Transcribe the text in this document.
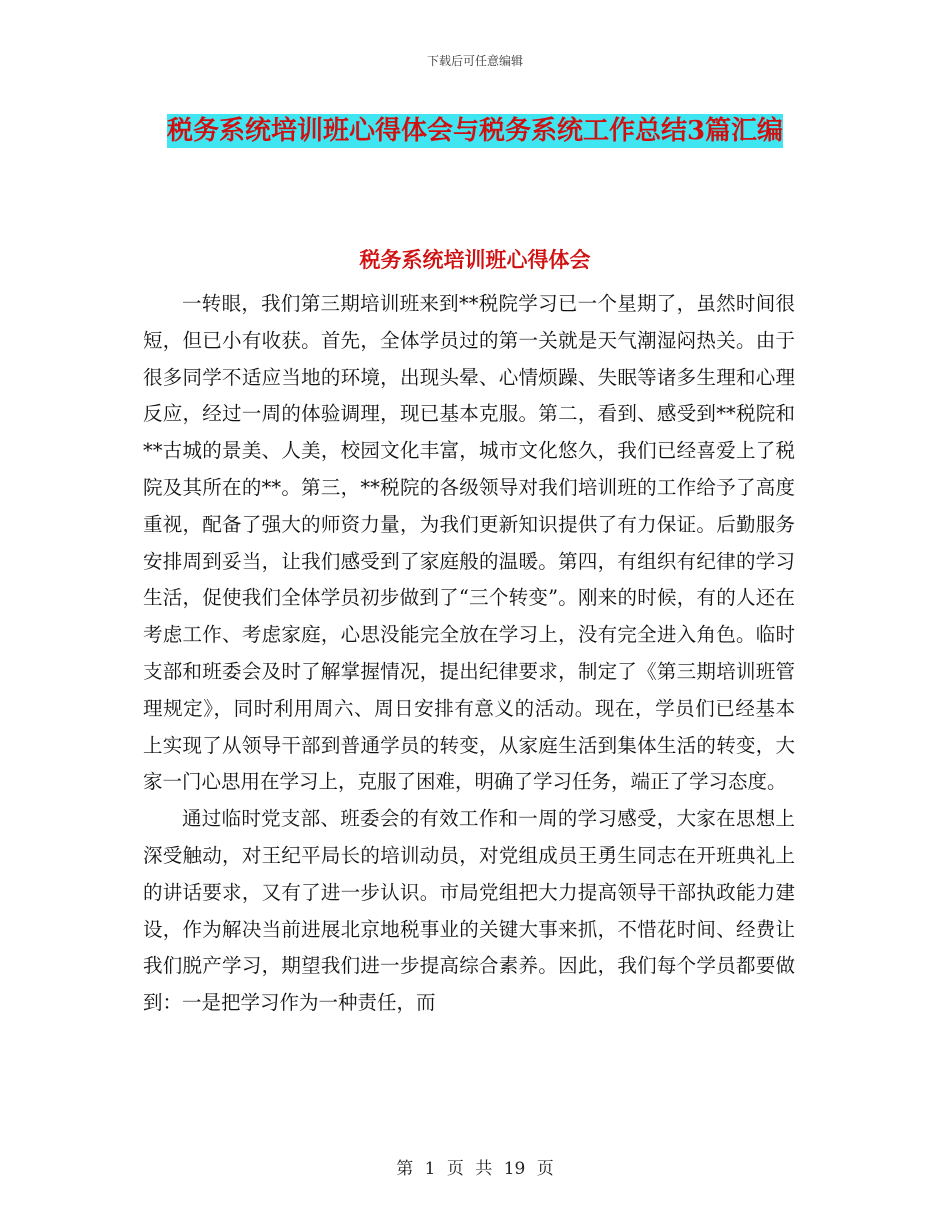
下载后可任意编辑
税务系统培训班心得体会与税务系统工作总结3篇汇编
税务系统培训班心得体会

一转眼，我们第三期培训班来到**税院学习已一个星期了，虽然时间很短，但已小有收获。首先，全体学员过的第一关就是天气潮湿闷热关。由于很多同学不适应当地的环境，出现头晕、心情烦躁、失眠等诸多生理和心理反应，经过一周的体验调理，现已基本克服。第二，看到、感受到**税院和**古城的景美、人美，校园文化丰富，城市文化悠久，我们已经喜爱上了税院及其所在的**。第三，**税院的各级领导对我们培训班的工作给予了高度重视，配备了强大的师资力量，为我们更新知识提供了有力保证。后勤服务安排周到妥当，让我们感受到了家庭般的温暖。第四，有组织有纪律的学习生活，促使我们全体学员初步做到了“三个转变”。刚来的时候，有的人还在考虑工作、考虑家庭，心思没能完全放在学习上，没有完全进入角色。临时支部和班委会及时了解掌握情况，提出纪律要求，制定了《第三期培训班管理规定》，同时利用周六、周日安排有意义的活动。现在，学员们已经基本上实现了从领导干部到普通学员的转变，从家庭生活到集体生活的转变，大家一门心思用在学习上，克服了困难，明确了学习任务，端正了学习态度。

通过临时党支部、班委会的有效工作和一周的学习感受，大家在思想上深受触动，对王纪平局长的培训动员，对党组成员王勇生同志在开班典礼上的讲话要求，又有了进一步认识。市局党组把大力提高领导干部执政能力建设，作为解决当前进展北京地税事业的关键大事来抓，不惜花时间、经费让我们脱产学习，期望我们进一步提高综合素养。因此，我们每个学员都要做到：一是把学习作为一种责任，而

第 1 页 共 19 页
